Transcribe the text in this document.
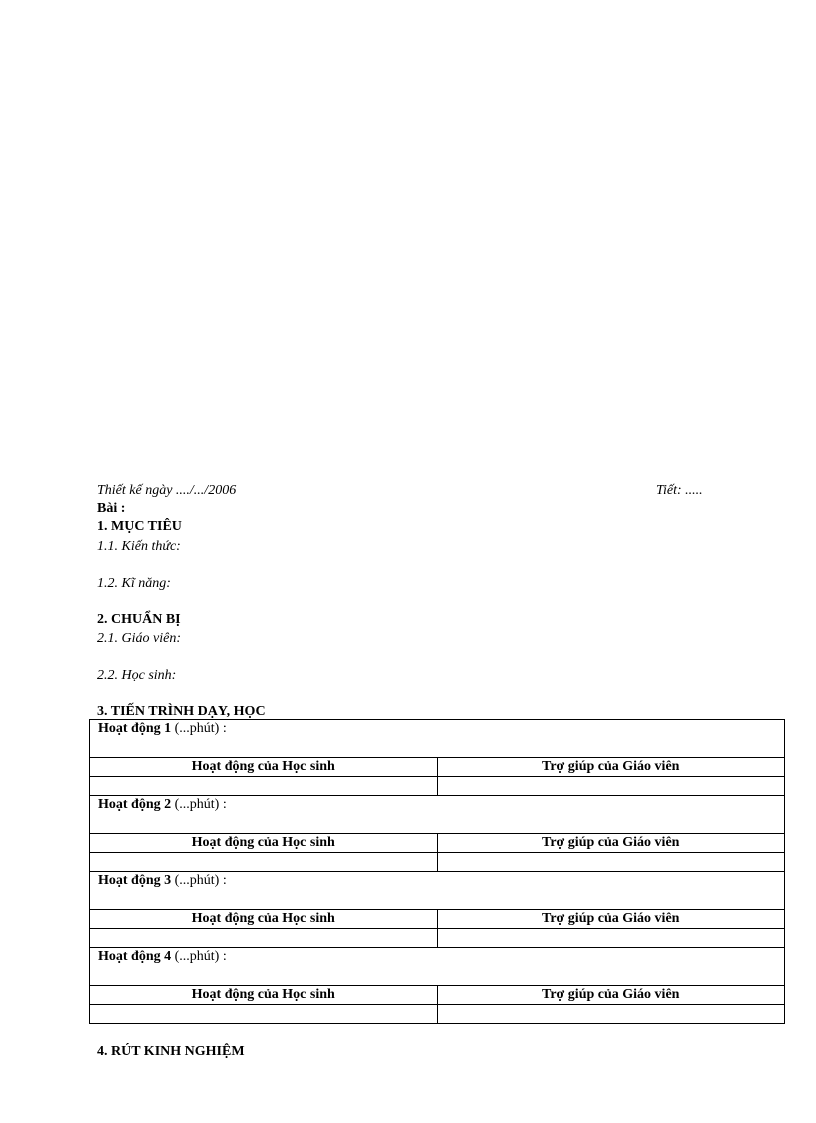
Thiết kế ngày ..../.../2006	Tiết: .....
Bài :
1. MỤC TIÊU
1.1. Kiến thức:
1.2. Kĩ năng:
2. CHUẨN BỊ
2.1. Giáo viên:
2.2. Học sinh:
3. TIẾN TRÌNH DẠY, HỌC
Hoạt động 1 (...phút) :	
Hoạt động của Học sinh	Trợ giúp của Giáo viên

Hoạt động 2 (...phút) :	
Hoạt động của Học sinh	Trợ giúp của Giáo viên

Hoạt động 3 (...phút) :	
Hoạt động của Học sinh	Trợ giúp của Giáo viên

Hoạt động 4 (...phút) :	
Hoạt động của Học sinh	Trợ giúp của Giáo viên

4. RÚT KINH NGHIỆM
